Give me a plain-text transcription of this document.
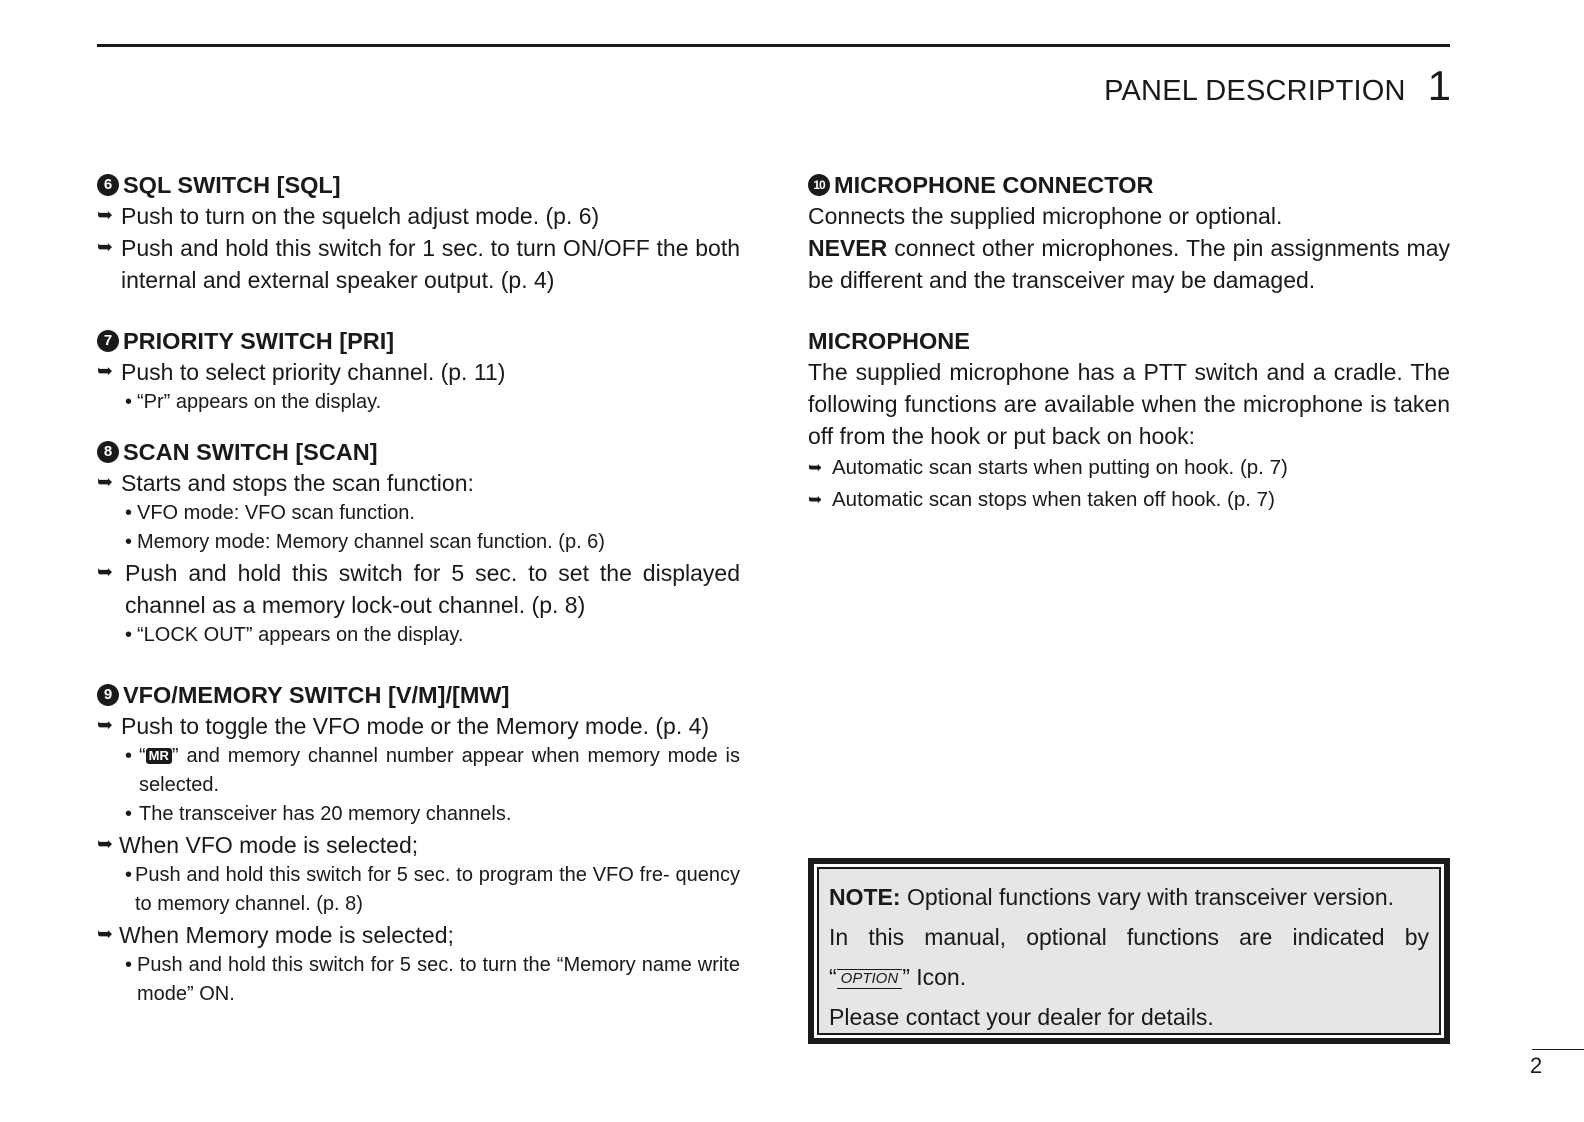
PANEL DESCRIPTION 1
6 SQL SWITCH [SQL]
➥ Push to turn on the squelch adjust mode. (p. 6)
➥ Push and hold this switch for 1 sec. to turn ON/OFF the both internal and external speaker output. (p. 4)
7 PRIORITY SWITCH [PRI]
➥ Push to select priority channel. (p. 11)
• “Pr” appears on the display.
8 SCAN SWITCH [SCAN]
➥ Starts and stops the scan function:
• VFO mode: VFO scan function.
• Memory mode: Memory channel scan function. (p. 6)
➥ Push and hold this switch for 5 sec. to set the displayed channel as a memory lock-out channel. (p. 8)
• “LOCK OUT” appears on the display.
9 VFO/MEMORY SWITCH [V/M]/[MW]
➥ Push to toggle the VFO mode or the Memory mode. (p. 4)
• “ MR ” and memory channel number appear when memory mode is selected.
• The transceiver has 20 memory channels.
➥ When VFO mode is selected;
• Push and hold this switch for 5 sec. to program the VFO fre- quency to memory channel. (p. 8)
➥ When Memory mode is selected;
• Push and hold this switch for 5 sec. to turn the “Memory name write mode” ON.
10 MICROPHONE CONNECTOR
Connects the supplied microphone or optional.
NEVER connect other microphones. The pin assignments may be different and the transceiver may be damaged.
MICROPHONE
The supplied microphone has a PTT switch and a cradle. The following functions are available when the microphone is taken off from the hook or put back on hook:
➥ Automatic scan starts when putting on hook. (p. 7)
➥ Automatic scan stops when taken off hook. (p. 7)
NOTE: Optional functions vary with transceiver version.
In this manual, optional functions are indicated by
“ OPTION ” Icon.
Please contact your dealer for details.
2
